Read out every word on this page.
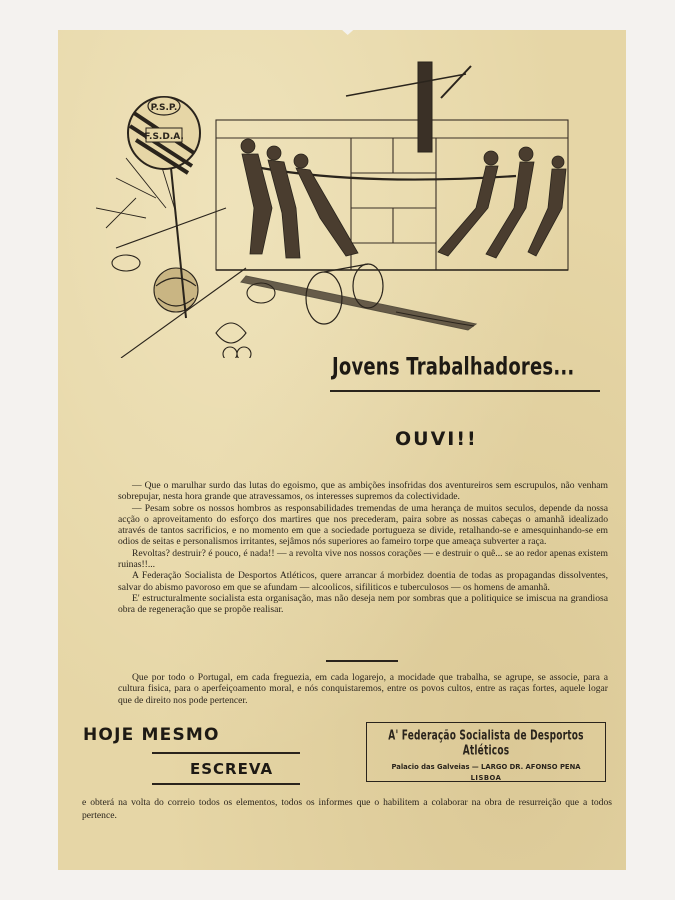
P.S.P.
F.S.D.A.
Jovens Trabalhadores...
OUVI!!

— Que o marulhar surdo das lutas do egoismo, que as ambições insofridas dos aventureiros sem escrupulos, não venham sobrepujar, nesta hora grande que atravessamos, os interesses supremos da colectividade.

— Pesam sobre os nossos hombros as responsabilidades tremendas de uma herança de muitos seculos, depende da nossa acção o aproveitamento do esforço dos martires que nos precederam, paira sobre as nossas cabeças o amanhã idealizado através de tantos sacrificios, e no momento em que a sociedade portugueza se divide, retalhando-se e amesquinhando-se em odios de seitas e personalismos irritantes, sejâmos nós superiores ao fameiro torpe que ameaça subverter a raça.

Revoltas? destruir? é pouco, é nada!! — a revolta vive nos nossos corações — e destruir o quê... se ao redor apenas existem ruinas!!...

A Federação Socialista de Desportos Atléticos, quere arrancar á morbidez doentia de todas as propagandas dissolventes, salvar do abismo pavoroso em que se afundam — alcoolicos, sifiliticos e tuberculosos — os homens de amanhã.

E' estructuralmente socialista esta organisação, mas não deseja nem por sombras que a politiquice se imiscua na grandiosa obra de regeneração que se propõe realisar.

Que por todo o Portugal, em cada freguezia, em cada logarejo, a mocidade que trabalha, se agrupe, se associe, para a cultura fisica, para o aperfeiçoamento moral, e nós conquistaremos, entre os povos cultos, entre as raças fortes, aquele logar que de direito nos pode pertencer.
HOJE MESMO
ESCREVA
A' Federação Socialista de Desportos Atléticos
Palacio das Galveias — LARGO DR. AFONSO PENA
LISBOA
e obterá na volta do correio todos os elementos, todos os informes que o habilitem a colaborar na obra de resurreição que a todos pertence.
